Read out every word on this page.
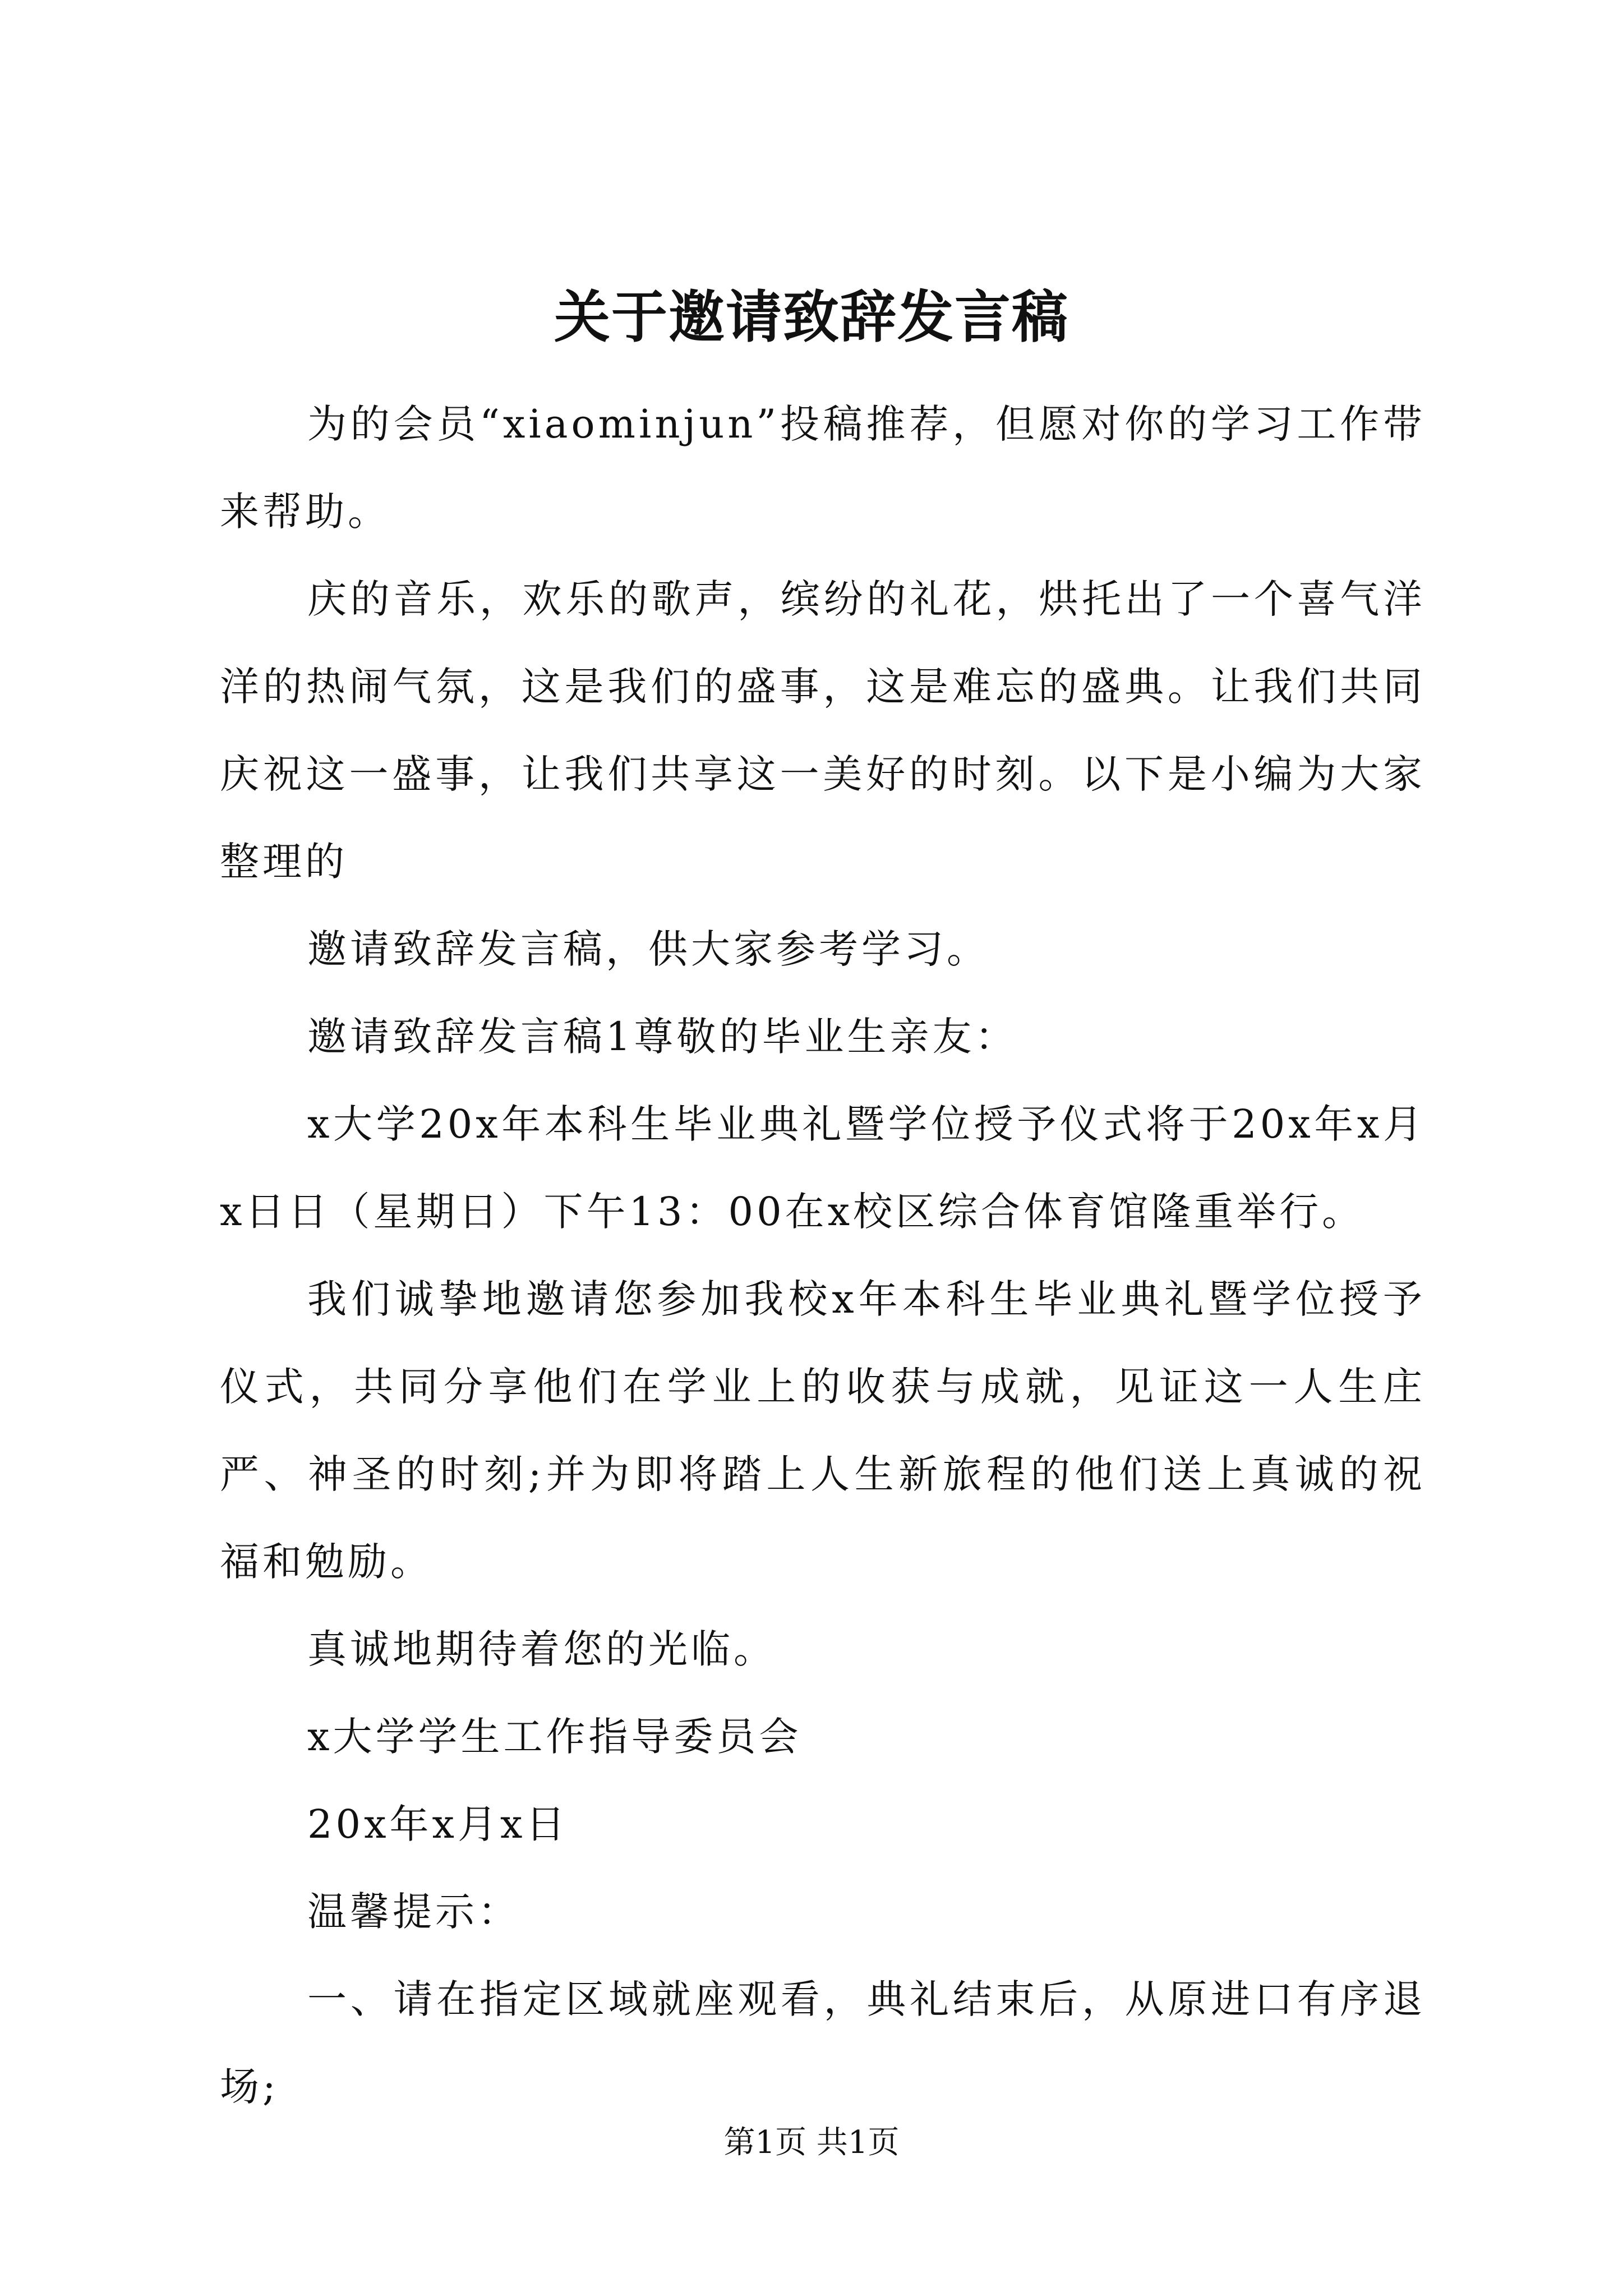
关于邀请致辞发言稿

为的会员“xiaominjun”投稿推荐，但愿对你的学习工作带来帮助。

庆的音乐，欢乐的歌声，缤纷的礼花，烘托出了一个喜气洋洋的热闹气氛，这是我们的盛事，这是难忘的盛典。让我们共同庆祝这一盛事，让我们共享这一美好的时刻。以下是小编为大家整理的

邀请致辞发言稿，供大家参考学习。

邀请致辞发言稿1尊敬的毕业生亲友：

x大学20x年本科生毕业典礼暨学位授予仪式将于20x年x月x日日（星期日）下午13：00在x校区综合体育馆隆重举行。

我们诚挚地邀请您参加我校x年本科生毕业典礼暨学位授予仪式，共同分享他们在学业上的收获与成就，见证这一人生庄严、神圣的时刻;并为即将踏上人生新旅程的他们送上真诚的祝福和勉励。

真诚地期待着您的光临。

x大学学生工作指导委员会

20x年x月x日

温馨提示：

一、请在指定区域就座观看，典礼结束后，从原进口有序退场;

第1页 共1页
